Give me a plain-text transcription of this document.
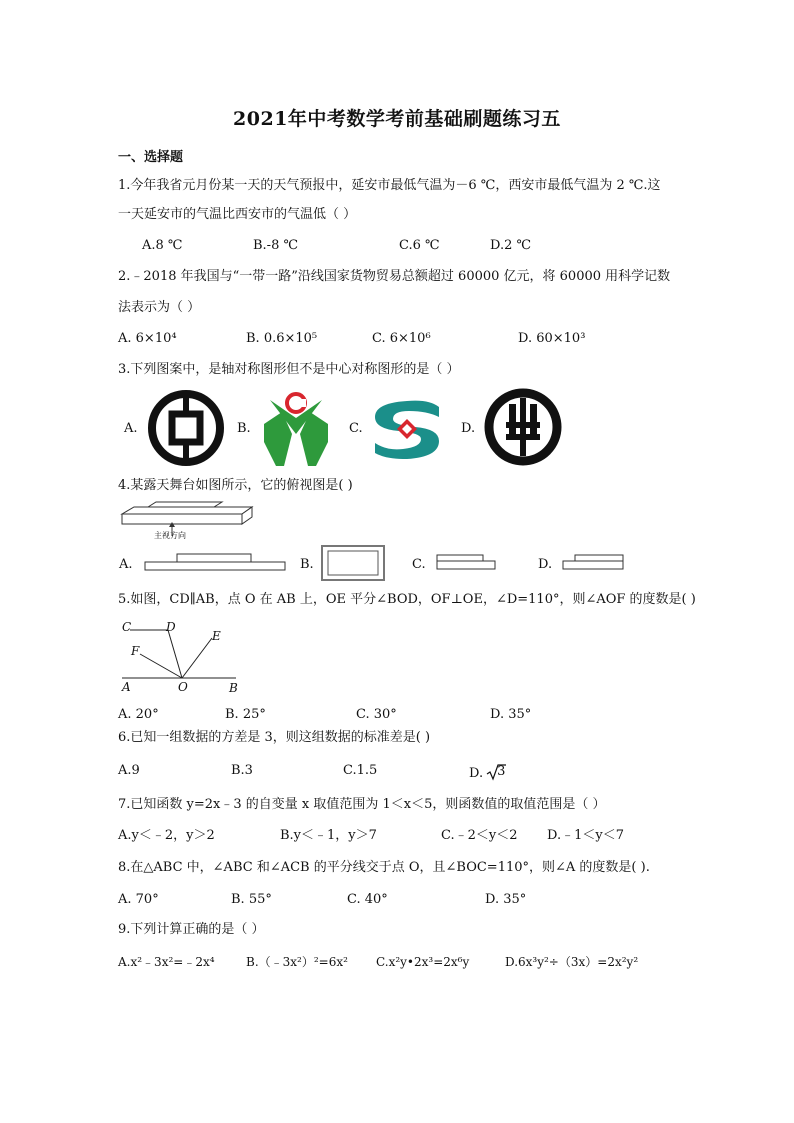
2021年中考数学考前基础刷题练习五
一、选择题
1.今年我省元月份某一天的天气预报中，延安市最低气温为－6 ℃，西安市最低气温为 2 ℃.这
一天延安市的气温比西安市的气温低（ ）
A.8 ℃	B.-8 ℃	C.6 ℃	D.2 ℃
2.﹣2018 年我国与“一带一路”沿线国家货物贸易总额超过 60000 亿元，将 60000 用科学记数
法表示为（ ）
A. 6×10⁴	B. 0.6×10⁵	C. 6×10⁶	D. 60×10³
3.下列图案中，是轴对称图形但不是中心对称图形的是（ ）
A.	B.	C.	D.
4.某露天舞台如图所示，它的俯视图是( )
主视方向
A.	B.	C.	D.
5.如图，CD∥AB，点 O 在 AB 上，OE 平分∠BOD，OF⊥OE，∠D=110°，则∠AOF 的度数是( )
C	D
E
F
A	O	B
A. 20°	B. 25°	C. 30°	D. 35°
6.已知一组数据的方差是 3，则这组数据的标准差是( )
A.9	B.3	C.1.5	D. 3
7.已知函数 y=2x﹣3 的自变量 x 取值范围为 1＜x＜5，则函数值的取值范围是（ ）
A.y＜﹣2，y＞2	B.y＜﹣1，y＞7	C.﹣2＜y＜2 D.﹣1＜y＜7
8.在△ABC 中，∠ABC 和∠ACB 的平分线交于点 O，且∠BOC=110°，则∠A 的度数是( ).
A. 70°	B. 55°	C. 40°	D. 35°
9.下列计算正确的是（ ）
A.x²﹣3x²=﹣2x⁴	B.（﹣3x²）²=6x² C.x²y•2x³=2x⁶y	D.6x³y²÷（3x）=2x²y²
